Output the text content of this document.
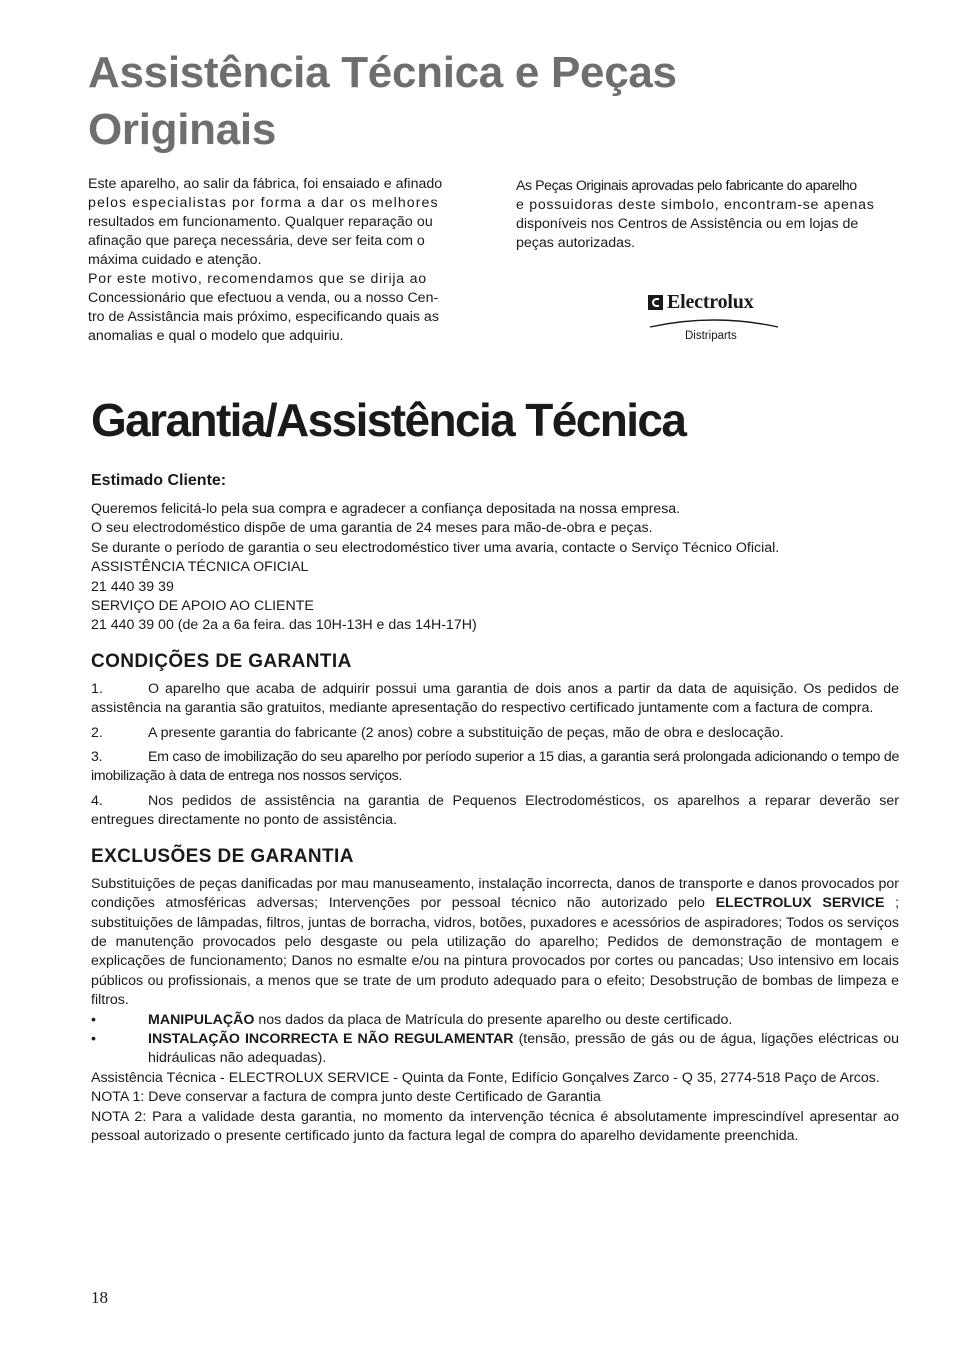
Assistência Técnica e Peças
Originais

Este aparelho, ao salir da fábrica, foi ensaiado e afinado
pelos especialistas por forma a dar os melhores
resultados em funcionamento. Qualquer reparação ou
afinação que pareça necessária, deve ser feita com o
máxima cuidado e atenção.

Por este motivo, recomendamos que se dirija ao
Concessionário que efectuou a venda, ou a nosso Cen-
tro de Assistância mais próximo, especificando quais as
anomalias e qual o modelo que adquiriu.

As Peças Originais aprovadas pelo fabricante do aparelho
e possuidoras deste simbolo, encontram-se apenas
disponíveis nos Centros de Assistência ou em lojas de
peças autorizadas.

Electrolux
Distriparts
Garantia/Assistência Técnica

Estimado Cliente:

Queremos felicitá-lo pela sua compra e agradecer a confiança depositada na nossa empresa.

O seu electrodoméstico dispõe de uma garantia de 24 meses para mão-de-obra e peças.

Se durante o período de garantia o seu electrodoméstico tiver uma avaria, contacte o Serviço Técnico Oficial.

ASSISTÊNCIA TÉCNICA OFICIAL

21 440 39 39

SERVIÇO DE APOIO AO CLIENTE

21 440 39 00 (de 2a a 6a feira. das 10H-13H e das 14H-17H)

CONDIÇÕES DE GARANTIA

1.	O aparelho que acaba de adquirir possui uma garantia de dois anos a partir da data de aquisição. Os pedidos de assistência na garantia são gratuitos, mediante apresentação do respectivo certificado juntamente com a factura de compra.

2.	A presente garantia do fabricante (2 anos) cobre a substituição de peças, mão de obra e deslocação.

3.	Em caso de imobilização do seu aparelho por período superior a 15 dias, a garantia será prolongada adicionando o tempo de imobilização à data de entrega nos nossos serviços.

4.	Nos pedidos de assistência na garantia de Pequenos Electrodomésticos, os aparelhos a reparar deverão ser entregues directamente no ponto de assistência.

EXCLUSÕES DE GARANTIA

Substituições de peças danificadas por mau manuseamento, instalação incorrecta, danos de transporte e danos provocados por condições atmosféricas adversas; Intervenções por pessoal técnico não autorizado pelo ELECTROLUX SERVICE ; substituições de lâmpadas, filtros, juntas de borracha, vidros, botões, puxadores e acessórios de aspiradores; Todos os serviços de manutenção provocados pelo desgaste ou pela utilização do aparelho; Pedidos de demonstração de montagem e explicações de funcionamento; Danos no esmalte e/ou na pintura provocados por cortes ou pancadas; Uso intensivo em locais públicos ou profissionais, a menos que se trate de um produto adequado para o efeito; Desobstrução de bombas de limpeza e filtros.

•	MANIPULAÇÃO nos dados da placa de Matrícula do presente aparelho ou deste certificado.
•	INSTALAÇÃO INCORRECTA E NÃO REGULAMENTAR (tensão, pressão de gás ou de água, ligações eléctricas ou hidráulicas não adequadas).

Assistência Técnica - ELECTROLUX SERVICE - Quinta da Fonte, Edifício Gonçalves Zarco - Q 35, 2774-518 Paço de Arcos.

NOTA 1: Deve conservar a factura de compra junto deste Certificado de Garantia

NOTA 2: Para a validade desta garantia, no momento da intervenção técnica é absolutamente imprescindível apresentar ao pessoal autorizado o presente certificado junto da factura legal de compra do aparelho devidamente preenchida.

18
